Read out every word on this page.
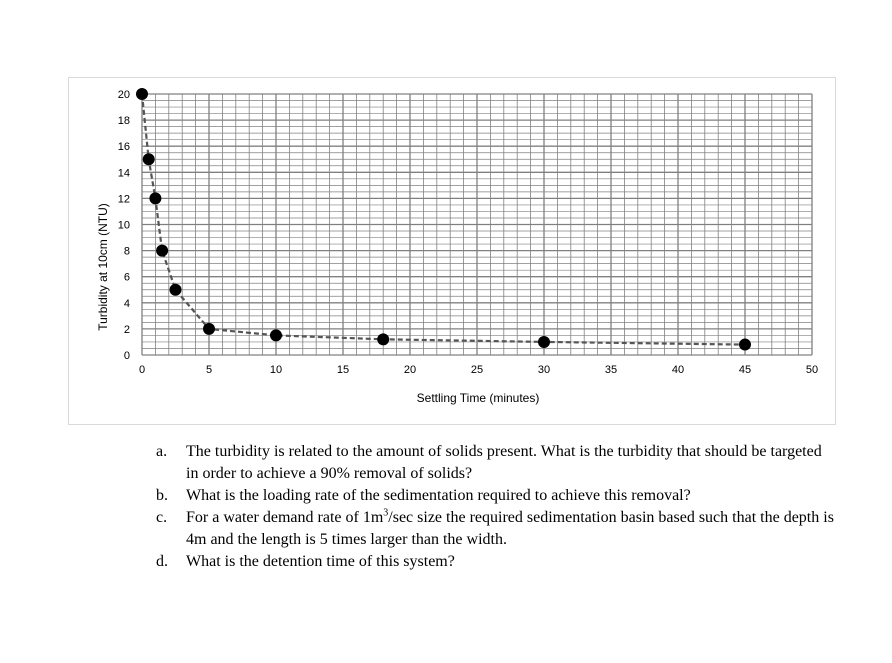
0	5	10	15	20	25	30	35	40	45	50
0
2
4
6
8
10
12
14
16
18
20
Settling Time (minutes)
Turbidity at 10cm (NTU)
a. The turbidity is related to the amount of solids present. What is the turbidity that should be targeted in order to achieve a 90% removal of solids?
b. What is the loading rate of the sedimentation required to achieve this removal?
c. For a water demand rate of $1m^3/\sec$ size the required sedimentation basin based such that the depth is 4m and the length is 5 times larger than the width.
d. What is the detention time of this system?
